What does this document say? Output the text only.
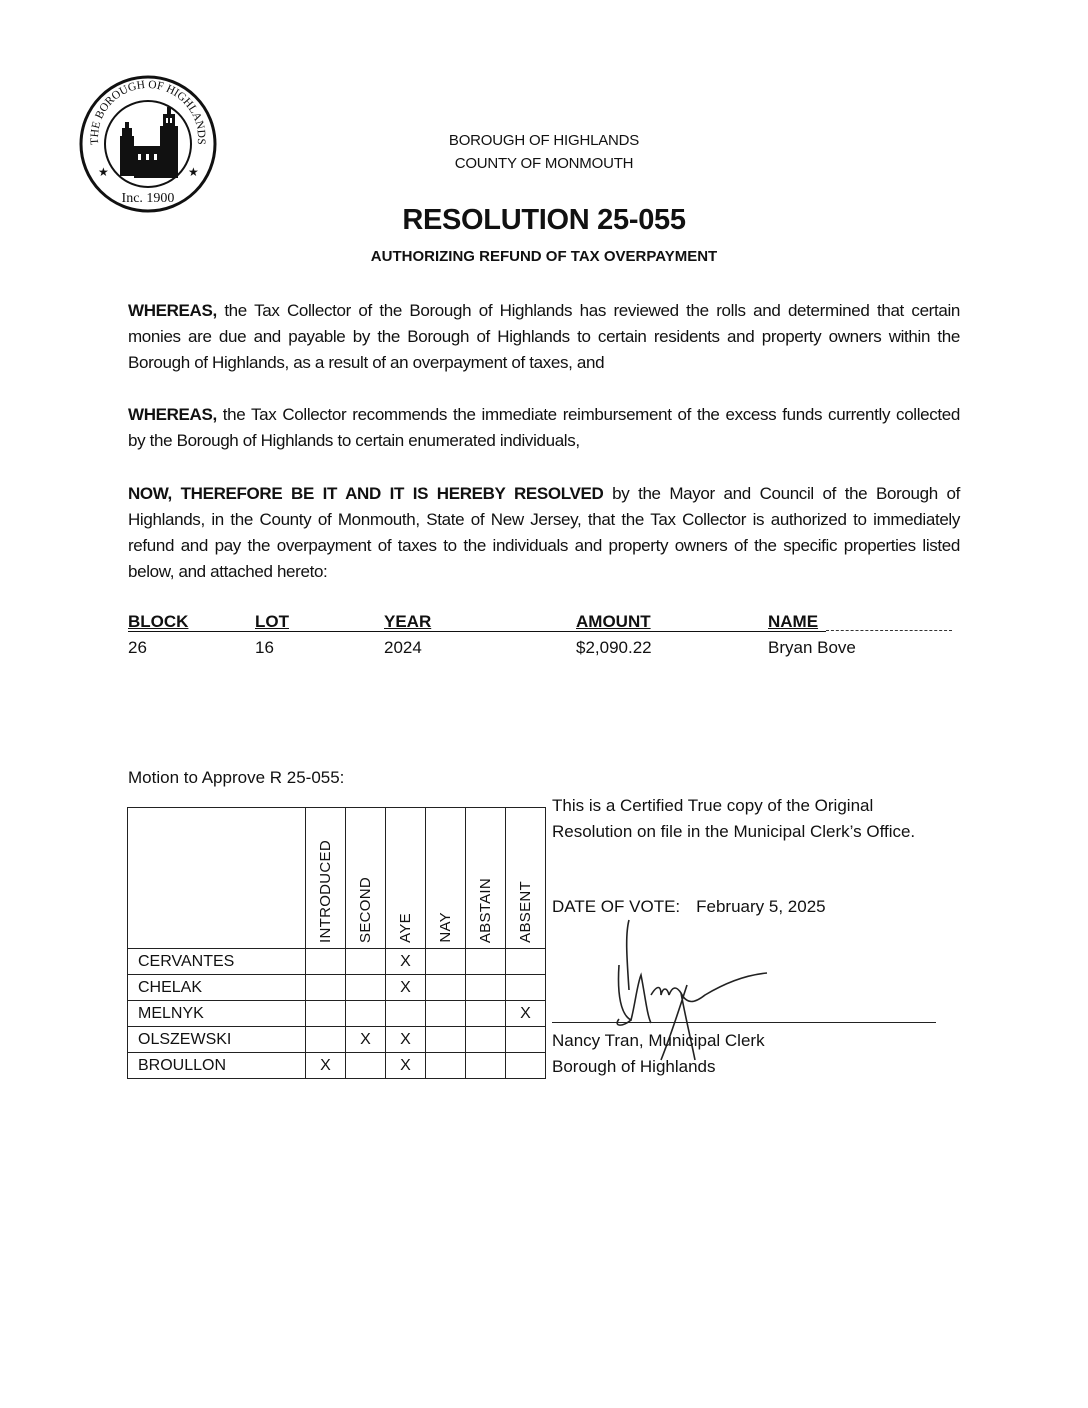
THE BOROUGH OF HIGHLANDS
Inc. 1900
★	★
BOROUGH OF HIGHLANDS
COUNTY OF MONMOUTH
RESOLUTION 25-055
AUTHORIZING REFUND OF TAX OVERPAYMENT
WHEREAS, the Tax Collector of the Borough of Highlands has reviewed the rolls and determined that certain monies are due and payable by the Borough of Highlands to certain residents and property owners within the Borough of Highlands, as a result of an overpayment of taxes, and
WHEREAS, the Tax Collector recommends the immediate reimbursement of the excess funds currently collected by the Borough of Highlands to certain enumerated individuals,
NOW, THEREFORE BE IT AND IT IS HEREBY RESOLVED by the Mayor and Council of the Borough of Highlands, in the County of Monmouth, State of New Jersey, that the Tax Collector is authorized to immediately refund and pay the overpayment of taxes to the individuals and property owners of the specific properties listed below, and attached hereto:
BLOCK	LOT	YEAR	AMOUNT	NAME
26	16	2024	$2,090.22	Bryan Bove
Motion to Approve R 25-055:
	INTRODUCED	SECOND	AYE	NAY	ABSTAIN	ABSENT
CERVANTES			X			
CHELAK			X			
MELNYK						X
OLSZEWSKI		X	X			
BROULLON	X		X			
This is a Certified True copy of the Original Resolution on file in the Municipal Clerk’s Office.
DATE OF VOTE: February 5, 2025
Nancy Tran, Municipal Clerk
Borough of Highlands
